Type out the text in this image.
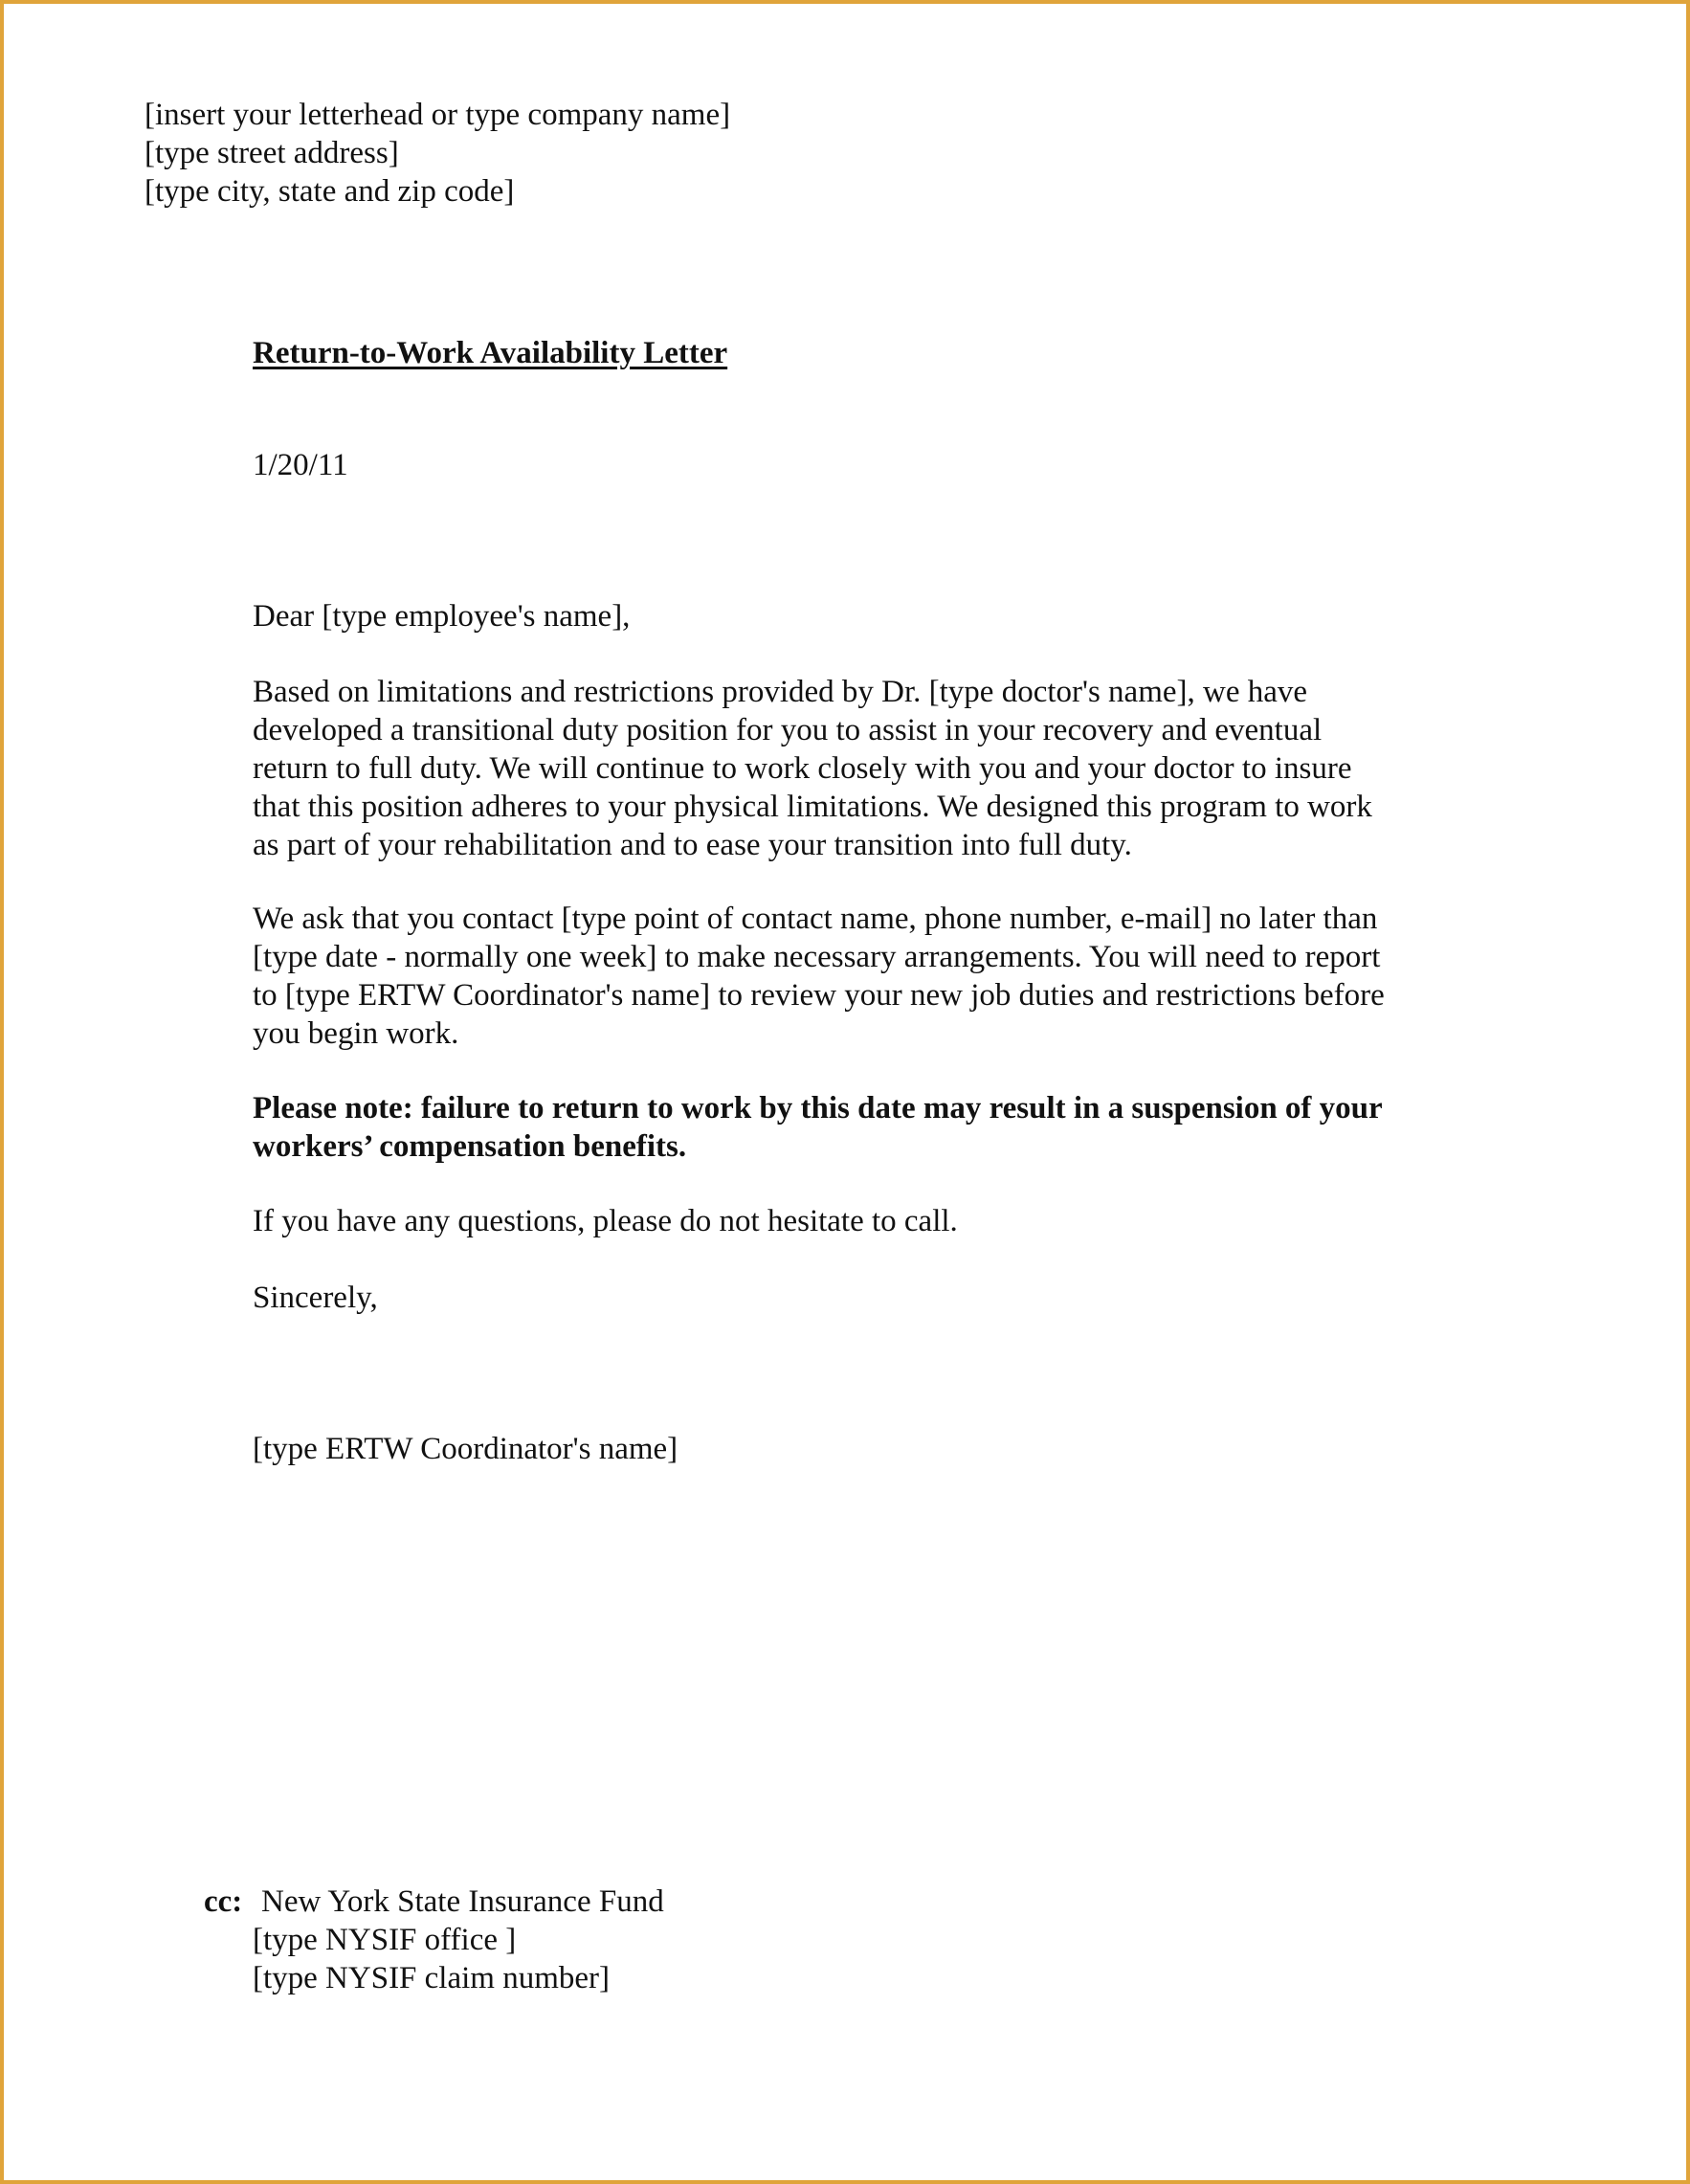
[insert your letterhead or type company name]
[type street address]
[type city, state and zip code]
Return-to-Work Availability Letter
1/20/11
Dear [type employee's name],
Based on limitations and restrictions provided by Dr. [type doctor's name], we have
developed a transitional duty position for you to assist in your recovery and eventual
return to full duty. We will continue to work closely with you and your doctor to insure
that this position adheres to your physical limitations. We designed this program to work
as part of your rehabilitation and to ease your transition into full duty.
We ask that you contact [type point of contact name, phone number, e-mail] no later than
[type date - normally one week] to make necessary arrangements. You will need to report
to [type ERTW Coordinator's name] to review your new job duties and restrictions before
you begin work.
Please note: failure to return to work by this date may result in a suspension of your
workers’ compensation benefits.
If you have any questions, please do not hesitate to call.
Sincerely,
[type ERTW Coordinator's name]
cc: New York State Insurance Fund
[type NYSIF office ]
[type NYSIF claim number]
